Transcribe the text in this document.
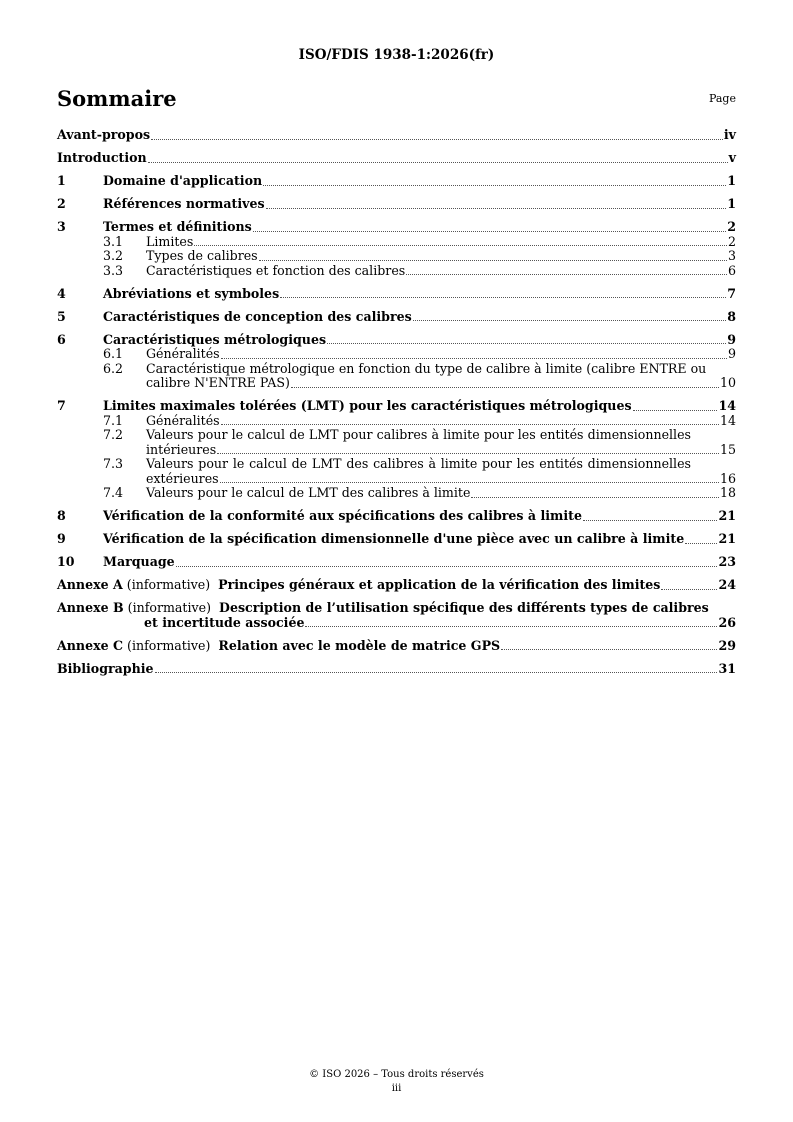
ISO/FDIS 1938-1:2026(fr)
Sommaire	Page
Avant-propos	iv
Introduction	v
1	Domaine d'application	1
2	Références normatives	1
3	Termes et définitions	2
3.1	Limites	2
3.2	Types de calibres	3
3.3	Caractéristiques et fonction des calibres	6
4	Abréviations et symboles	7
5	Caractéristiques de conception des calibres	8
6	Caractéristiques métrologiques	9
6.1	Généralités	9
6.2	Caractéristique métrologique en fonction du type de calibre à limite (calibre ENTRE ou
calibre N'ENTRE PAS)	10
7	Limites maximales tolérées (LMT) pour les caractéristiques métrologiques	14
7.1	Généralités	14
7.2	Valeurs pour le calcul de LMT pour calibres à limite pour les entités dimensionnelles
intérieures	15
7.3	Valeurs pour le calcul de LMT des calibres à limite pour les entités dimensionnelles
extérieures	16
7.4	Valeurs pour le calcul de LMT des calibres à limite	18
8	Vérification de la conformité aux spécifications des calibres à limite	21
9	Vérification de la spécification dimensionnelle d'une pièce avec un calibre à limite	21
10	Marquage	23
Annexe A (informative) Principes généraux et application de la vérification des limites	24
Annexe B (informative) Description de l’utilisation spécifique des différents types de calibres
et incertitude associée	26
Annexe C (informative) Relation avec le modèle de matrice GPS	29
Bibliographie	31
© ISO 2026 – Tous droits réservés
iii
